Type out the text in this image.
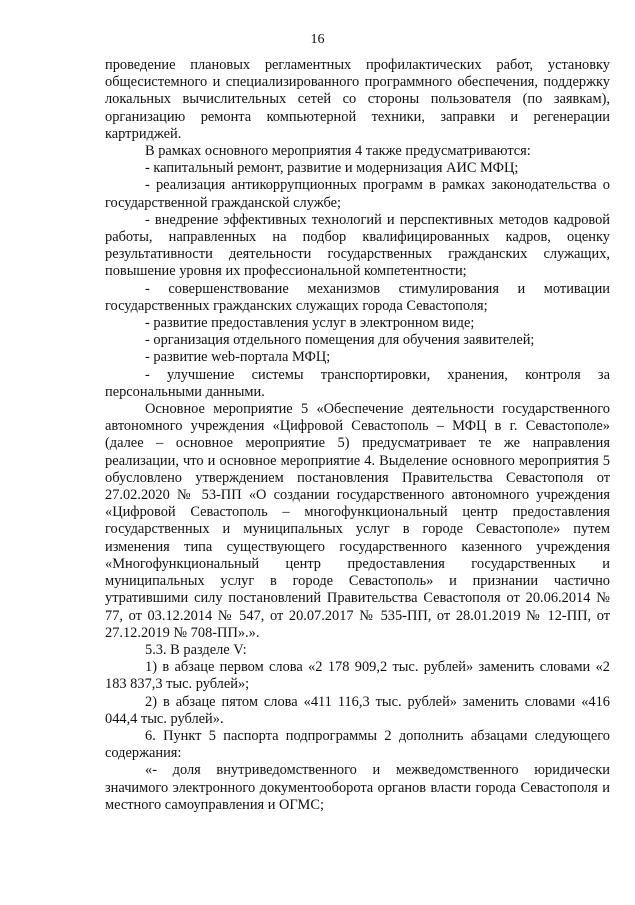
16

проведение плановых регламентных профилактических работ, установку общесистемного и специализированного программного обеспечения, поддержку локальных вычислительных сетей со стороны пользователя (по заявкам), организацию ремонта компьютерной техники, заправки и регенерации картриджей.

В рамках основного мероприятия 4 также предусматриваются:

- капитальный ремонт, развитие и модернизация АИС МФЦ;

- реализация антикоррупционных программ в рамках законодательства о государственной гражданской службе;

- внедрение эффективных технологий и перспективных методов кадровой работы, направленных на подбор квалифицированных кадров, оценку результативности деятельности государственных гражданских служащих, повышение уровня их профессиональной компетентности;

- совершенствование механизмов стимулирования и мотивации государственных гражданских служащих города Севастополя;

- развитие предоставления услуг в электронном виде;

- организация отдельного помещения для обучения заявителей;

- развитие web-портала МФЦ;

- улучшение системы транспортировки, хранения, контроля за персональными данными.

Основное мероприятие 5 «Обеспечение деятельности государственного автономного учреждения «Цифровой Севастополь – МФЦ в г. Севастополе» (далее – основное мероприятие 5) предусматривает те же направления реализации, что и основное мероприятие 4. Выделение основного мероприятия 5 обусловлено утверждением постановления Правительства Севастополя от 27.02.2020 № 53-ПП «О создании государственного автономного учреждения «Цифровой Севастополь – многофункциональный центр предоставления государственных и муниципальных услуг в городе Севастополе» путем изменения типа существующего государственного казенного учреждения «Многофункциональный центр предоставления государственных и муниципальных услуг в городе Севастополь» и признании частично утратившими силу постановлений Правительства Севастополя от 20.06.2014 № 77, от 03.12.2014 № 547, от 20.07.2017 № 535-ПП, от 28.01.2019 № 12-ПП, от 27.12.2019 № 708-ПП».».

5.3. В разделе V:

1) в абзаце первом слова «2 178 909,2 тыс. рублей» заменить словами «2 183 837,3 тыс. рублей»;

2) в абзаце пятом слова «411 116,3 тыс. рублей» заменить словами «416 044,4 тыс. рублей».

6. Пункт 5 паспорта подпрограммы 2 дополнить абзацами следующего содержания:

«- доля внутриведомственного и межведомственного юридически значимого электронного документооборота органов власти города Севастополя и местного самоуправления и ОГМС;
